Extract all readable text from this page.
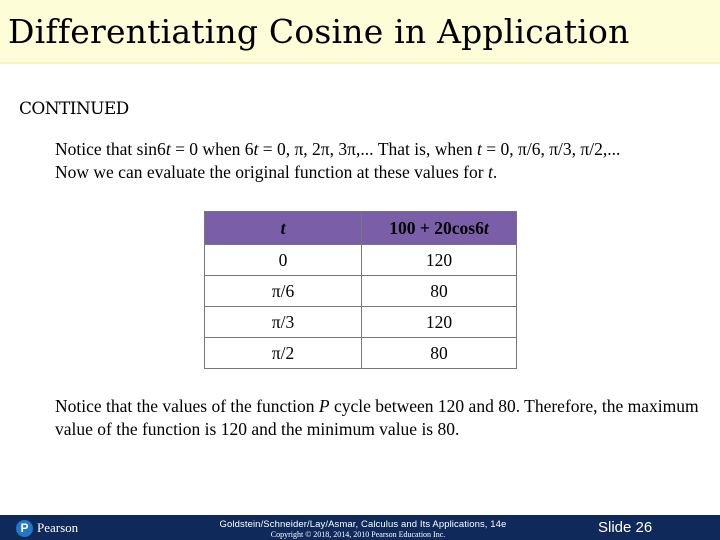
Differentiating Cosine in Application
CONTINUED
Notice that sin6t = 0 when 6t = 0, π, 2π, 3π,... That is, when t = 0, π/6, π/3, π/2,...
Now we can evaluate the original function at these values for t.
t	100 + 20cos6t
0	120
π/6	80
π/3	120
π/2	80
Notice that the values of the function P cycle between 120 and 80. Therefore, the maximum value of the function is 120 and the minimum value is 80.
P Pearson	Goldstein/Schneider/Lay/Asmar, Calculus and Its Applications, 14e
Copyright © 2018, 2014, 2010 Pearson Education Inc.	Slide 26
